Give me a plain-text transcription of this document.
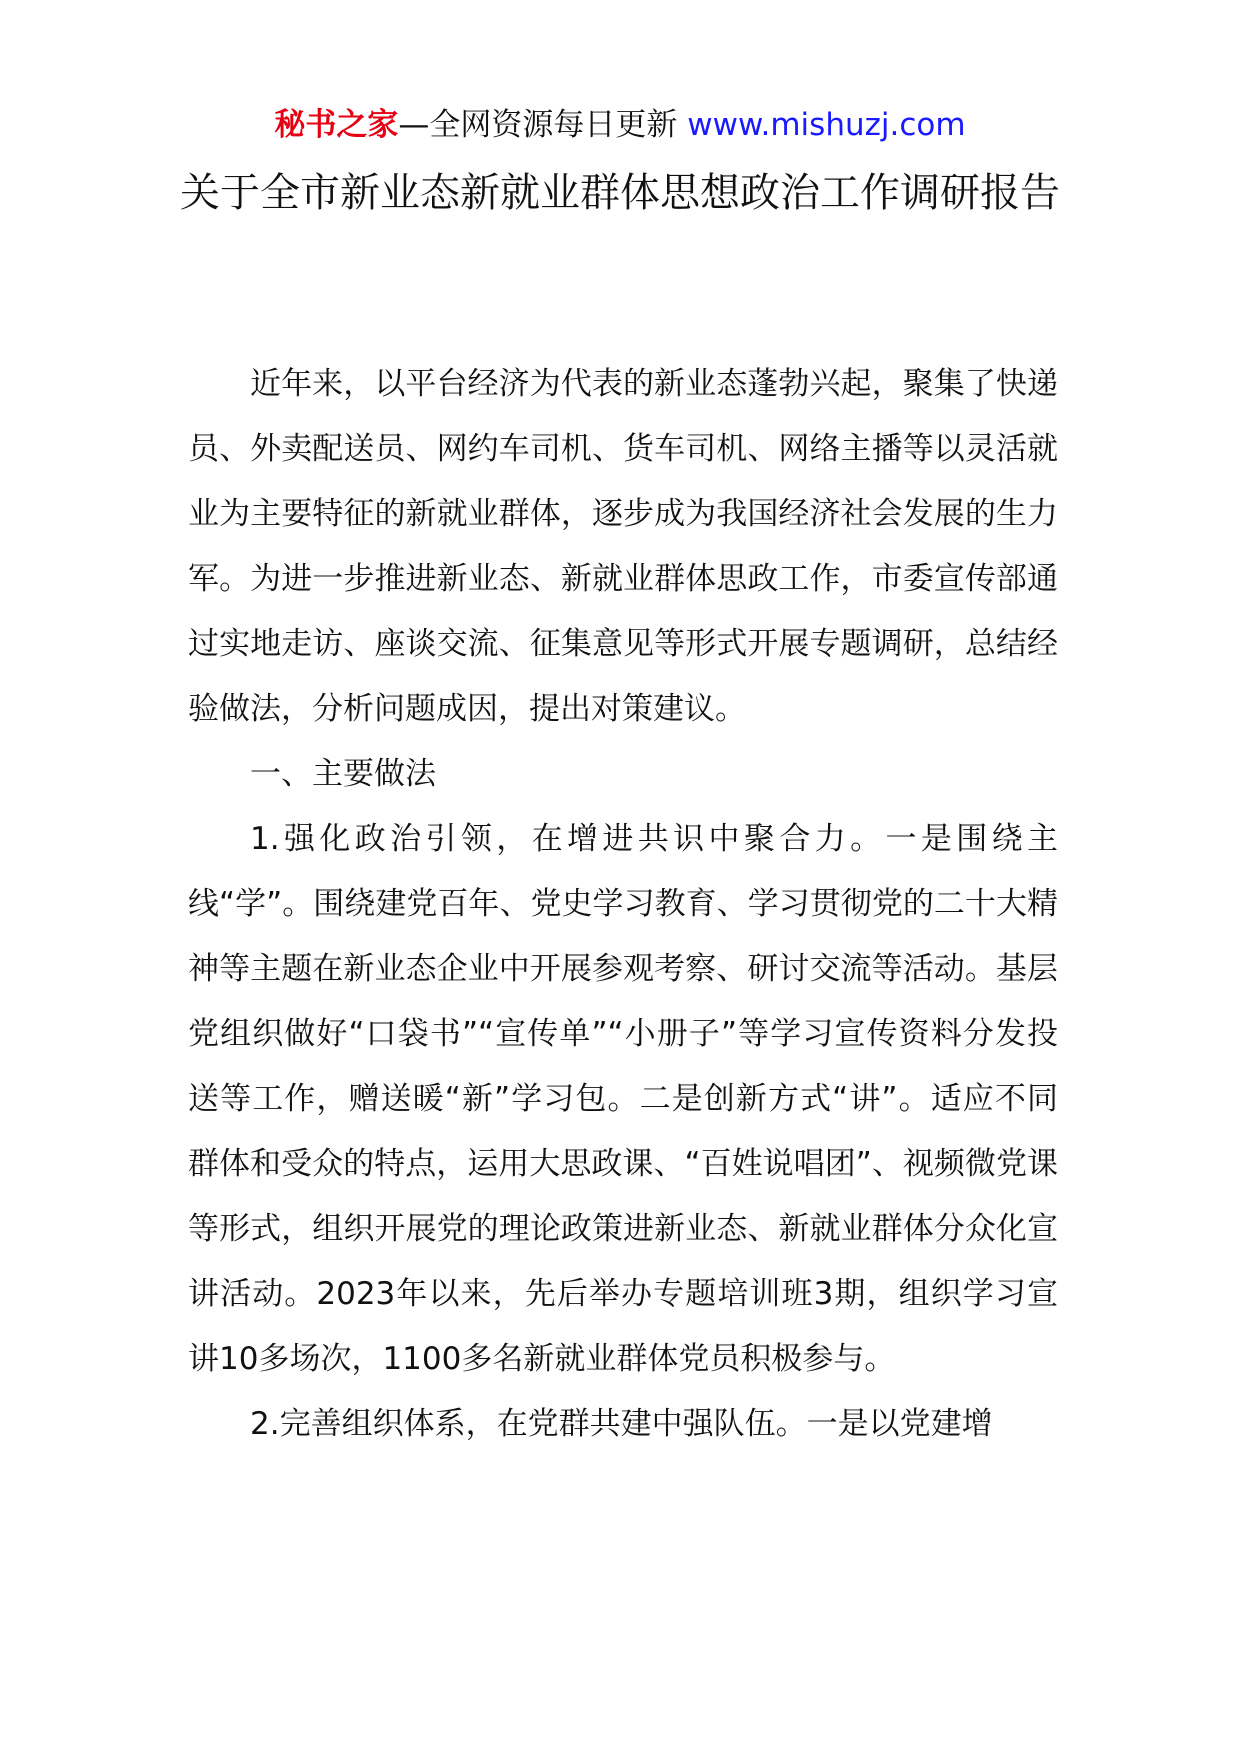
秘书之家—全网资源每日更新 www.mishuzj.com
关于全市新业态新就业群体思想政治工作调研报告

近年来，以平台经济为代表的新业态蓬勃兴起，聚集了快递员、外卖配送员、网约车司机、货车司机、网络主播等以灵活就业为主要特征的新就业群体，逐步成为我国经济社会发展的生力军。为进一步推进新业态、新就业群体思政工作，市委宣传部通过实地走访、座谈交流、征集意见等形式开展专题调研，总结经验做法，分析问题成因，提出对策建议。

一、主要做法

1.强化政治引领，在增进共识中聚合力。一是围绕主线“学”。围绕建党百年、党史学习教育、学习贯彻党的二十大精神等主题在新业态企业中开展参观考察、研讨交流等活动。基层党组织做好“口袋书”“宣传单”“小册子”等学习宣传资料分发投送等工作，赠送暖“新”学习包。二是创新方式“讲”。适应不同群体和受众的特点，运用大思政课、“百姓说唱团”、视频微党课等形式，组织开展党的理论政策进新业态、新就业群体分众化宣讲活动。2023年以来，先后举办专题培训班3期，组织学习宣讲10多场次，1100多名新就业群体党员积极参与。

2.完善组织体系，在党群共建中强队伍。一是以党建增
